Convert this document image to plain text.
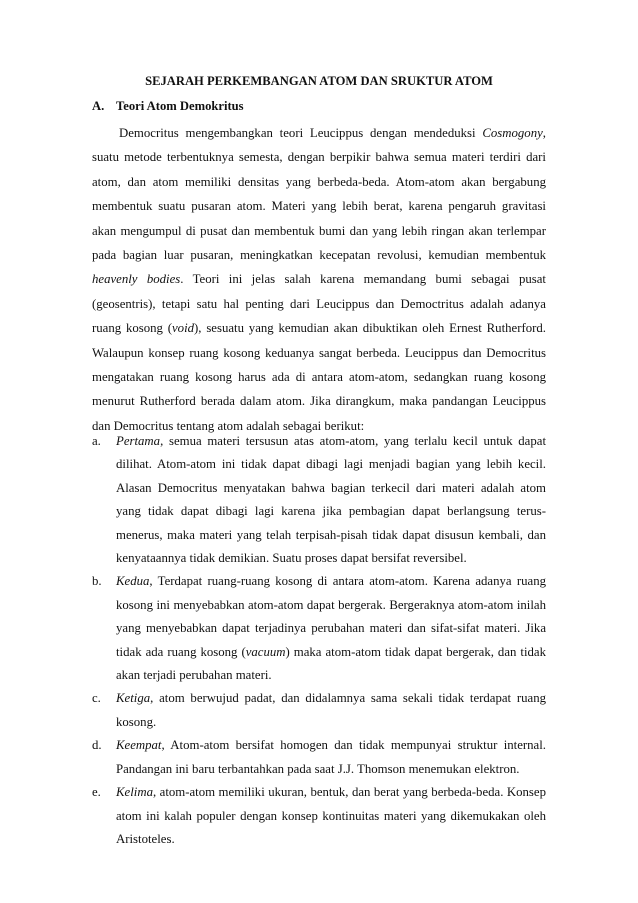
SEJARAH PERKEMBANGAN ATOM DAN SRUKTUR ATOM
A. Teori Atom Demokritus

Democritus mengembangkan teori Leucippus dengan mendeduksi Cosmogony, suatu metode terbentuknya semesta, dengan berpikir bahwa semua materi terdiri dari atom, dan atom memiliki densitas yang berbeda-beda. Atom-atom akan bergabung membentuk suatu pusaran atom. Materi yang lebih berat, karena pengaruh gravitasi akan mengumpul di pusat dan membentuk bumi dan yang lebih ringan akan terlempar pada bagian luar pusaran, meningkatkan kecepatan revolusi, kemudian membentuk heavenly bodies. Teori ini jelas salah karena memandang bumi sebagai pusat (geosentris), tetapi satu hal penting dari Leucippus dan Democtritus adalah adanya ruang kosong (void), sesuatu yang kemudian akan dibuktikan oleh Ernest Rutherford. Walaupun konsep ruang kosong keduanya sangat berbeda. Leucippus dan Democritus mengatakan ruang kosong harus ada di antara atom-atom, sedangkan ruang kosong menurut Rutherford berada dalam atom. Jika dirangkum, maka pandangan Leucippus dan Democritus tentang atom adalah sebagai berikut:

a. Pertama, semua materi tersusun atas atom-atom, yang terlalu kecil untuk dapat dilihat. Atom-atom ini tidak dapat dibagi lagi menjadi bagian yang lebih kecil. Alasan Democritus menyatakan bahwa bagian terkecil dari materi adalah atom yang tidak dapat dibagi lagi karena jika pembagian dapat berlangsung terus-menerus, maka materi yang telah terpisah-pisah tidak dapat disusun kembali, dan kenyataannya tidak demikian. Suatu proses dapat bersifat reversibel.
b. Kedua, Terdapat ruang-ruang kosong di antara atom-atom. Karena adanya ruang kosong ini menyebabkan atom-atom dapat bergerak. Bergeraknya atom-atom inilah yang menyebabkan dapat terjadinya perubahan materi dan sifat-sifat materi. Jika tidak ada ruang kosong (vacuum) maka atom-atom tidak dapat bergerak, dan tidak akan terjadi perubahan materi.
c. Ketiga, atom berwujud padat, dan didalamnya sama sekali tidak terdapat ruang kosong.
d. Keempat, Atom-atom bersifat homogen dan tidak mempunyai struktur internal. Pandangan ini baru terbantahkan pada saat J.J. Thomson menemukan elektron.
e. Kelima, atom-atom memiliki ukuran, bentuk, dan berat yang berbeda-beda. Konsep atom ini kalah populer dengan konsep kontinuitas materi yang dikemukakan oleh Aristoteles.
